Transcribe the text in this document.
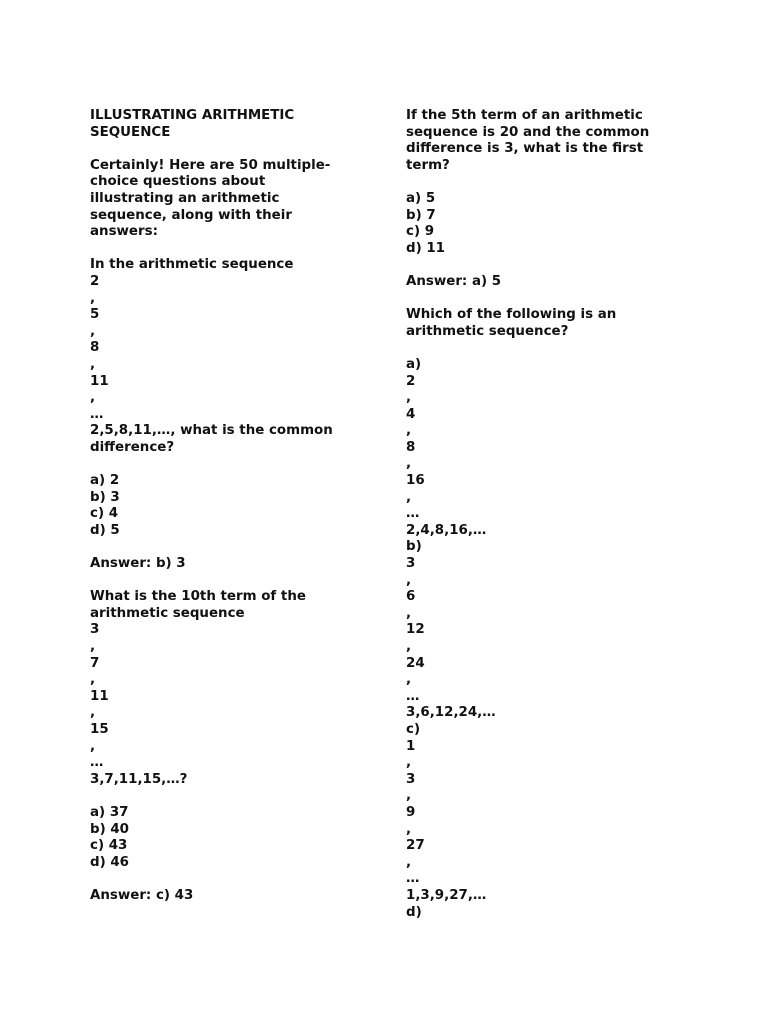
ILLUSTRATING ARITHMETIC
SEQUENCE
Certainly! Here are 50 multiple-
choice questions about
illustrating an arithmetic
sequence, along with their
answers:
In the arithmetic sequence
2
,
5
,
8
,
11
,
…
2,5,8,11,…, what is the common
difference?
a) 2
b) 3
c) 4
d) 5
Answer: b) 3
What is the 10th term of the
arithmetic sequence
3
,
7
,
11
,
15
,
…
3,7,11,15,…?
a) 37
b) 40
c) 43
d) 46
Answer: c) 43
If the 5th term of an arithmetic
sequence is 20 and the common
difference is 3, what is the first
term?
a) 5
b) 7
c) 9
d) 11
Answer: a) 5
Which of the following is an
arithmetic sequence?
a)
2
,
4
,
8
,
16
,
…
2,4,8,16,…
b)
3
,
6
,
12
,
24
,
…
3,6,12,24,…
c)
1
,
3
,
9
,
27
,
…
1,3,9,27,…
d)
